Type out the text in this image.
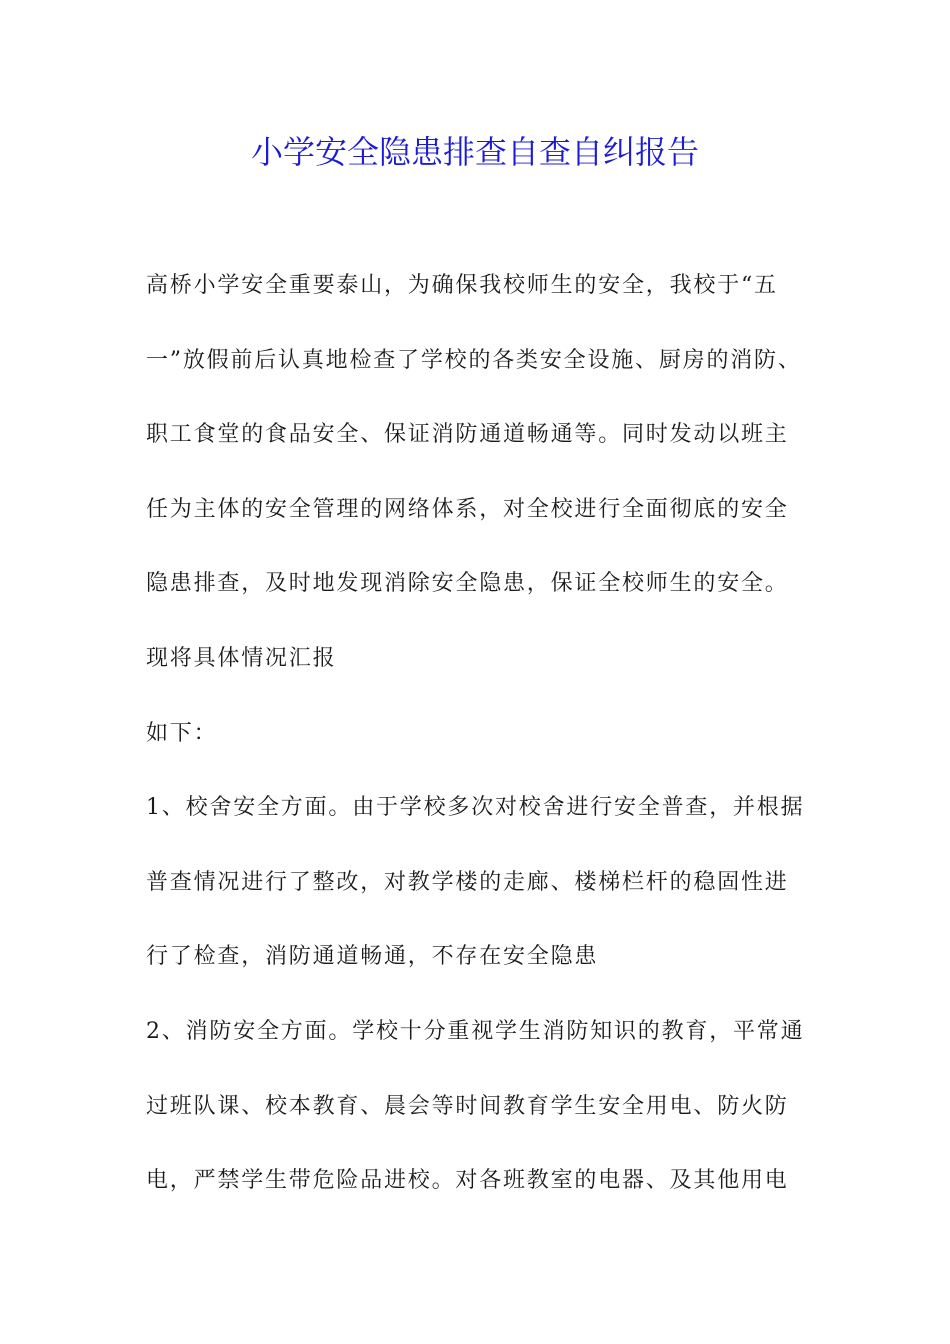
小学安全隐患排查自查自纠报告
高桥小学安全重要泰山，为确保我校师生的安全，我校于“五
一”放假前后认真地检查了学校的各类安全设施、厨房的消防、
职工食堂的食品安全、保证消防通道畅通等。同时发动以班主
任为主体的安全管理的网络体系，对全校进行全面彻底的安全
隐患排查，及时地发现消除安全隐患，保证全校师生的安全。
现将具体情况汇报
如下：
1、校舍安全方面。由于学校多次对校舍进行安全普查，并根据
普查情况进行了整改，对教学楼的走廊、楼梯栏杆的稳固性进
行了检查，消防通道畅通，不存在安全隐患
2、消防安全方面。学校十分重视学生消防知识的教育，平常通
过班队课、校本教育、晨会等时间教育学生安全用电、防火防
电，严禁学生带危险品进校。对各班教室的电器、及其他用电
